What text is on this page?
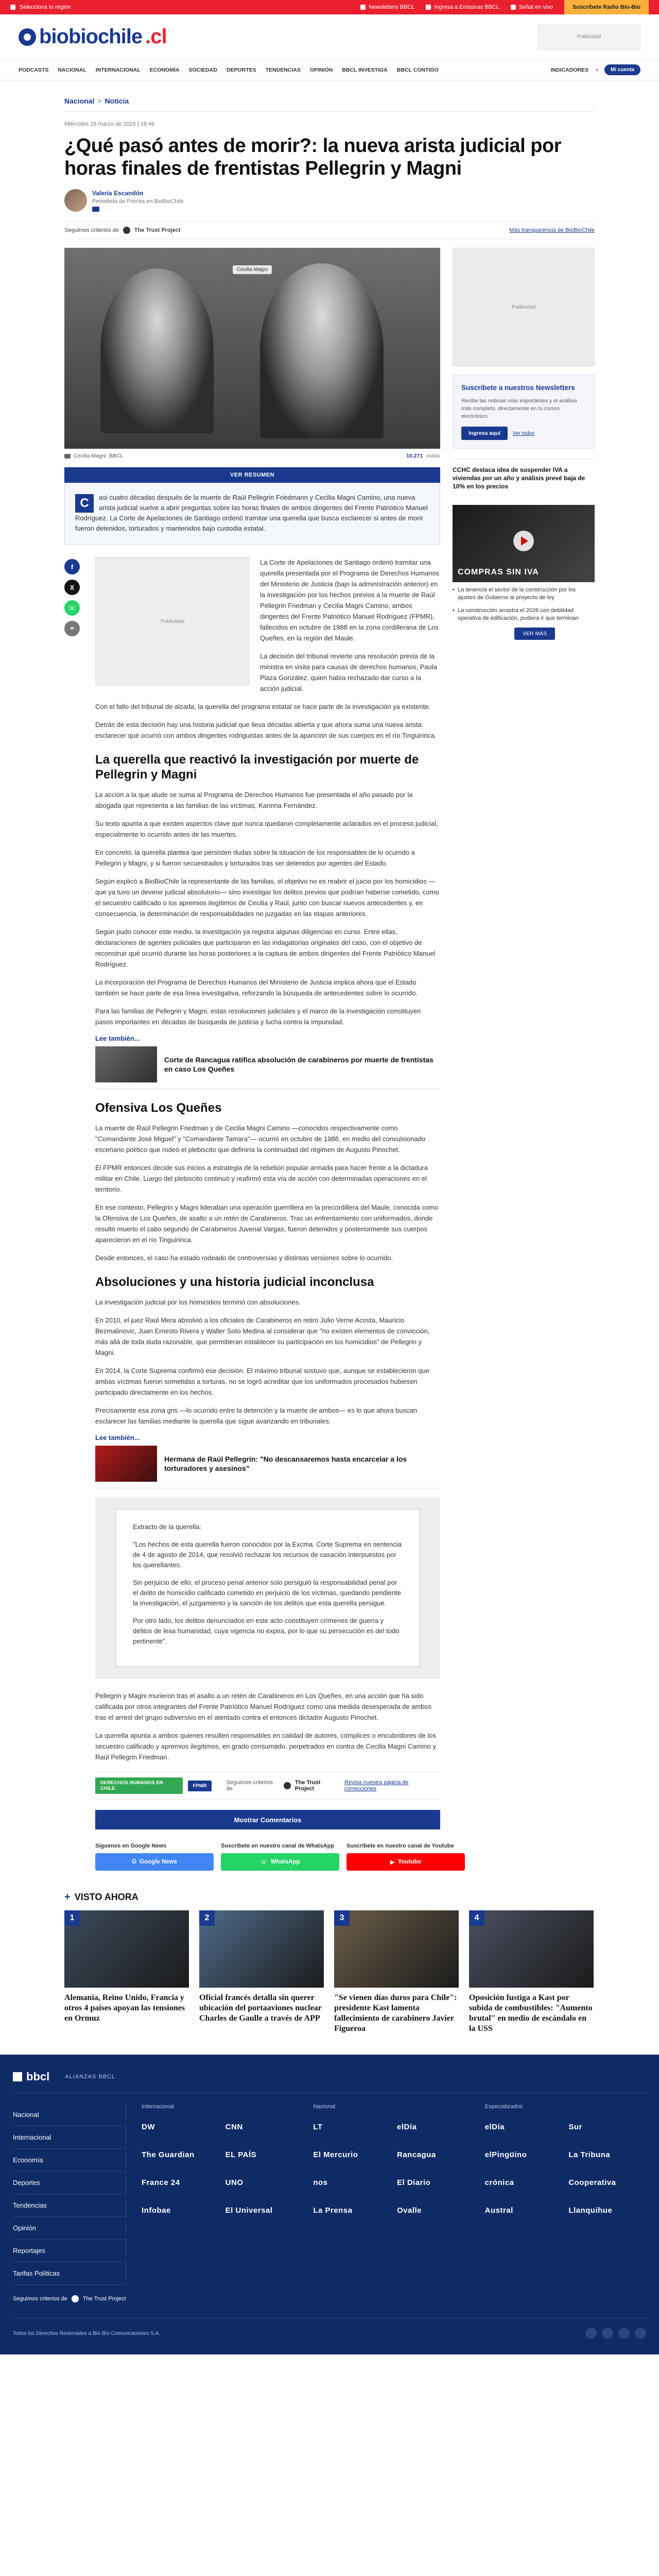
Selecciona tu región	Newsletters BBCL	Ingresa a Emisoras BBCL	Señal en vivo	Suscríbete Radio Bío-Bío
biobiochile .cl	Publicidad
PODCASTS NACIONAL INTERNACIONAL ECONOMÍA SOCIEDAD DEPORTES TENDENCIAS OPINIÓN BBCL INVESTIGA BBCL CONTIGO	INDICADORES ▼	Mi cuenta
Nacional > Noticia
Miércoles 18 marzo de 2026 | 18:46
¿Qué pasó antes de morir?: la nueva arista judicial por horas finales de frentistas Pellegrin y Magni
Valeria Escandón
Periodista de Prensa en BioBioChile
Seguimos criterios de	The Trust Project	Más transparencia de BioBioChile
Cecilia Magni
Cecilia Magni BBCL	10.271 visitas
VER RESUMEN
C	asi cuatro décadas después de la muerte de Raúl Pellegrin Friedmann y Cecilia Magni Camino, una nueva arista judicial vuelve a abrir preguntas sobre las horas finales de ambos dirigentes del Frente Patriótico Manuel Rodríguez. La Corte de Apelaciones de Santiago ordenó tramitar una querella que busca esclarecer si antes de morir fueron detenidos, torturados y mantenidos bajo custodia estatal.
f
X
☏
⚭
Publicidad

La Corte de Apelaciones de Santiago ordenó tramitar una querella presentada por el Programa de Derechos Humanos del Ministerio de Justicia (bajo la administración anterior) en la investigación por los hechos previos a la muerte de Raúl Pellegrin Friedman y Cecilia Magni Camino, ambos dirigentes del Frente Patriótico Manuel Rodríguez (FPMR), fallecidos en octubre de 1988 en la zona cordillerana de Los Queñes, en la región del Maule.

La decisión del tribunal revierte una resolución previa de la ministra en visita para causas de derechos humanos, Paola Plaza González, quien había rechazado dar curso a la acción judicial.

Con el fallo del tribunal de alzada, la querella del programa estatal se hace parte de la investigación ya existente.

Detrás de esta decisión hay una historia judicial que lleva décadas abierta y que ahora suma una nueva arista: esclarecer qué ocurrió con ambos dirigentes rodriguistas antes de la aparición de sus cuerpos en el río Tinguiririca.

La querella que reactivó la investigación por muerte de Pellegrin y Magni

La acción a la que alude se suma al Programa de Derechos Humanos fue presentada el año pasado por la abogada que representa a las familias de las víctimas, Karinna Fernández.

Su texto apunta a que existen aspectos clave que nunca quedaron completamente aclarados en el proceso judicial, especialmente lo ocurrido antes de las muertes.

En concreto, la querella plantea que persisten dudas sobre la situación de los responsables de lo ocurrido a Pellegrin y Magni, y si fueron secuestrados y torturados tras ser detenidos por agentes del Estado.

Según explicó a BioBioChile la representante de las familias, el objetivo no es reabrir el juicio por los homicidios —que ya tuvo un devenir judicial absolutorio— sino investigar los delitos previos que podrían haberse cometido, como el secuestro calificado o los apremios ilegítimos de Cecilia y Raúl, junto con buscar nuevos antecedentes y, en consecuencia, la determinación de responsabilidades no juzgadas en las etapas anteriores.

Según pudo conocer este medio, la investigación ya registra algunas diligencias en curso. Entre ellas, declaraciones de agentes policiales que participaron en las indagatorias originales del caso, con el objetivo de reconstruir qué ocurrió durante las horas posteriores a la captura de ambos dirigentes del Frente Patriótico Manuel Rodríguez.

La incorporación del Programa de Derechos Humanos del Ministerio de Justicia implica ahora que el Estado también se hace parte de esa línea investigativa, reforzando la búsqueda de antecedentes sobre lo ocurrido.

Para las familias de Pellegrin y Magni, estas resoluciones judiciales y el marco de la investigación constituyen pasos importantes en décadas de búsqueda de justicia y lucha contra la impunidad.

Lee también...
Corte de Rancagua ratifica absolución de carabineros por muerte de frentistas en caso Los Queñes
Ofensiva Los Queñes

La muerte de Raúl Pellegrin Friedman y de Cecilia Magni Camino —conocidos respectivamente como "Comandante José Miguel" y "Comandante Tamara"— ocurrió en octubre de 1988, en medio del convulsionado escenario político que rodeó el plebiscito que definiría la continuidad del régimen de Augusto Pinochet.

El FPMR entonces decide sus inicios a estrategia de la rebelión popular armada para hacer frente a la dictadura militar en Chile. Luego del plebiscito continuó y reafirmó esta vía de acción con determinadas operaciones en el territorio.

En ese contexto, Pellegrin y Magni lideraban una operación guerrillera en la precordillera del Maule, conocida como la Ofensiva de Los Queñes, de asalto a un retén de Carabineros. Tras un enfrentamiento con uniformados, donde resultó muerto el cabo segundo de Carabineros Juvenal Vargas, fueron detenidos y posteriormente sus cuerpos aparecieron en el río Tinguiririca.

Desde entonces, el caso ha estado rodeado de controversias y distintas versiones sobre lo ocurrido.

Absoluciones y una historia judicial inconclusa

La investigación judicial por los homicidios terminó con absoluciones.

En 2010, el juez Raúl Mera absolvió a los oficiales de Carabineros en retiro Julio Verne Acosta, Mauricio Bezmalinovic, Juan Ernesto Rivera y Walter Soto Medina al considerar que "no existen elementos de convicción, más allá de toda duda razonable, que permitieran establecer su participación en los homicidios" de Pellegrin y Magni.

En 2014, la Corte Suprema confirmó ese decisión. El máximo tribunal sostuvo que, aunque se establecieron que ambas víctimas fueron sometidas a torturas, no se logró acreditar que los uniformados procesados hubiesen participado directamente en los hechos.

Precisamente esa zona gris —lo ocurrido entre la detención y la muerte de ambos— es lo que ahora buscan esclarecer las familias mediante la querella que sigue avanzando en tribunales.

Lee también...
Hermana de Raúl Pellegrin: "No descansaremos hasta encarcelar a los torturadores y asesinos"

Extracto de la querella:

"Los hechos de esta querella fueron conocidos por la Excma. Corte Suprema en sentencia de 4 de agosto de 2014, que resolvió rechazar los recursos de casación interpuestos por los querellantes.

Sin perjuicio de ello, el proceso penal anterior solo persiguió la responsabilidad penal por el delito de homicidio calificado cometido en perjuicio de los víctimas, quedando pendiente la investigación, el juzgamiento y la sanción de los delitos que esta querella persigue.

Por otro lado, los delitos denunciados en este acto constituyen crímenes de guerra y delitos de lesa humanidad, cuya vigencia no expira, por lo que su persecución es del todo pertinente".

Pellegrin y Magni murieron tras el asalto a un retén de Carabineros en Los Queñes, en una acción que ha sido calificada por otros integrantes del Frente Patriótico Manuel Rodríguez como una medida desesperada de ambos tras el arrest del grupo subversivo en el atentado contra el entonces dictador Augusto Pinochet.

La querella apunta a ambos quienes resulten responsables en calidad de autores, cómplices o encubridores de los secuestro calificado y apremios ilegítimos, en grado consumado, perpetrados en contra de Cecilia Magni Camino y Raúl Pellegrin Friedman.

DERECHOS HUMANOS EN CHILE	FPMR	Seguimos criterios de
The Trust Project
Revisa nuestra página de correcciones
Mostrar Comentarios
Síguenos en Google News
G Google News
Suscríbete en nuestro canal de WhatsApp
☏ WhatsApp
Suscríbete en nuestro canal de Youtube
▶ Youtube
Publicidad
Suscríbete a nuestros Newsletters
Recibe las noticias más importantes y el análisis más completo, directamente en tu correo electrónico.
Ingresa aquí	Ver todos
CCHC destaca idea de suspender IVA a viviendas por un año y análisis prevé baja de 10% en los precios
COMPRAS SIN IVA
• La tenencia el sector de la construcción por los ajustes de Gobierno al proyecto de ley
• La construcción arrastra el 2026 con debilidad operativa de edificación, pudiera ir que terminan
VER MÁS
+ VISTO AHORA
1
Alemania, Reino Unido, Francia y otros 4 países apoyan las tensiones en Ormuz
2
Oficial francés detalla sin querer ubicación del portaaviones nuclear Charles de Gaulle a través de APP
3
"Se vienen días duros para Chile": presidente Kast lamenta fallecimiento de carabinero Javier Figueroa
4
Oposición fustiga a Kast por subida de combustibles: "Aumento brutal" en medio de escándalo en la USS
bbcl	ALIANZAS BBCL
Nacional
Internacional
Economía
Deportes
Tendencias
Opinión
Reportajes
Tarifas Políticas
Internacional
DW	CNN
The Guardian	EL PAÍS
France 24	UNO
Infobae	El Universal
Nacional
LT	elDía
El Mercurio	Rancagua
nos	El Diario
La Prensa	Ovalle
Especializados
elDía	Sur
elPingüino	La Tribuna
crónica	Cooperativa
Austral	Llanquihue
Seguimos criterios de	The Trust Project
Todos los Derechos Reservados a Bío Bío Comunicaciones S.A.
